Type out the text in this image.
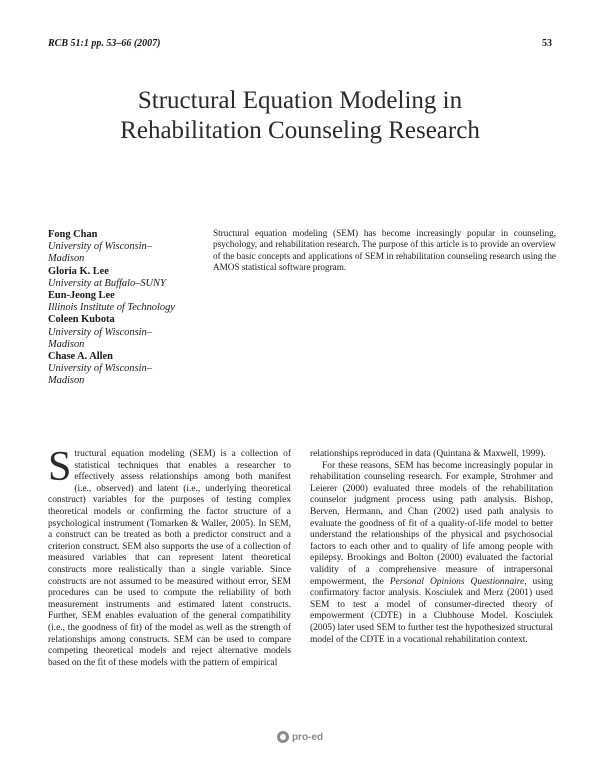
RCB 51:1 pp. 53–66 (2007)	53
Structural Equation Modeling in
Rehabilitation Counseling Research
Fong Chan
University of Wisconsin–
Madison
Gloria K. Lee
University at Buffalo–SUNY
Eun-Jeong Lee
Illinois Institute of Technology
Coleen Kubota
University of Wisconsin–
Madison
Chase A. Allen
University of Wisconsin–
Madison
Structural equation modeling (SEM) has become increasingly popular in counseling, psychology, and rehabilitation research. The purpose of this article is to provide an overview of the basic concepts and applications of SEM in rehabilitation counseling research using the AMOS statistical software program.

Structural equation modeling (SEM) is a collection of statistical techniques that enables a researcher to effectively assess relationships among both manifest (i.e., observed) and latent (i.e., underlying theoretical construct) variables for the purposes of testing complex theoretical models or confirming the factor structure of a psychological instrument (Tomarken & Waller, 2005). In SEM, a construct can be treated as both a predictor construct and a criterion construct. SEM also supports the use of a collection of measured variables that can represent latent theoretical constructs more realistically than a single variable. Since constructs are not assumed to be measured without error, SEM procedures can be used to compute the reliability of both measurement instruments and estimated latent constructs. Further, SEM enables evaluation of the general compatibility (i.e., the goodness of fit) of the model as well as the strength of relationships among constructs. SEM can be used to compare competing theoretical models and reject alternative models based on the fit of these models with the pattern of empirical

relationships reproduced in data (Quintana & Maxwell, 1999).

For these reasons, SEM has become increasingly popular in rehabilitation counseling research. For example, Strohmer and Leierer (2000) evaluated three models of the rehabilitation counselor judgment process using path analysis. Bishop, Berven, Hermann, and Chan (2002) used path analysis to evaluate the goodness of fit of a quality-of-life model to better understand the relationships of the physical and psychosocial factors to each other and to quality of life among people with epilepsy. Brookings and Bolton (2000) evaluated the factorial validity of a comprehensive measure of intrapersonal empowerment, the Personal Opinions Questionnaire, using confirmatory factor analysis. Kosciulek and Merz (2001) used SEM to test a model of consumer-directed theory of empowerment (CDTE) in a Clubhouse Model. Kosciulek (2005) later used SEM to further test the hypothesized structural model of the CDTE in a vocational rehabilitation context.

pro-ed
